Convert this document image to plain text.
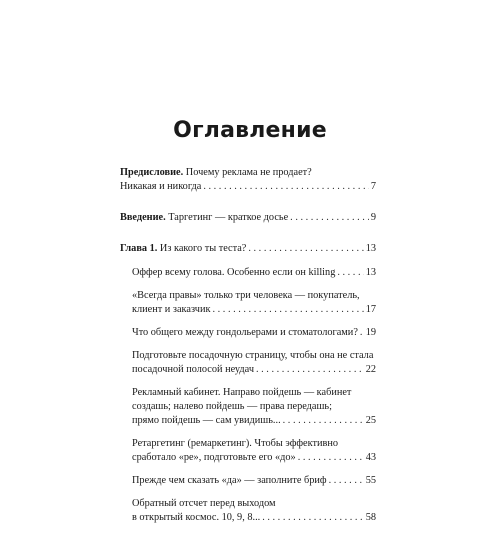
Оглавление
Предисловие. Почему реклама не продает?
Никакая и никогда . . .	7
Введение. Таргетинг — краткое досье . . .	9
Глава 1. Из какого ты теста? . . .	13
Оффер всему голова. Особенно если он killing . . .	13
«Всегда правы» только три человека — покупатель,
клиент и заказчик . . .	17
Что общего между гондольерами и стоматологами? . . . 19
Подготовьте посадочную страницу, чтобы она не стала
посадочной полосой неудач . . .	22
Рекламный кабинет. Направо пойдешь — кабинет
создашь; налево пойдешь — права передашь;
прямо пойдешь — сам увидишь... . . .	25
Ретаргетинг (ремаркетинг). Чтобы эффективно
сработало «ре», подготовьте его «до» . . .	43
Прежде чем сказать «да» — заполните бриф . . .	55
Обратный отсчет перед выходом
в открытый космос. 10, 9, 8... . . .	58
